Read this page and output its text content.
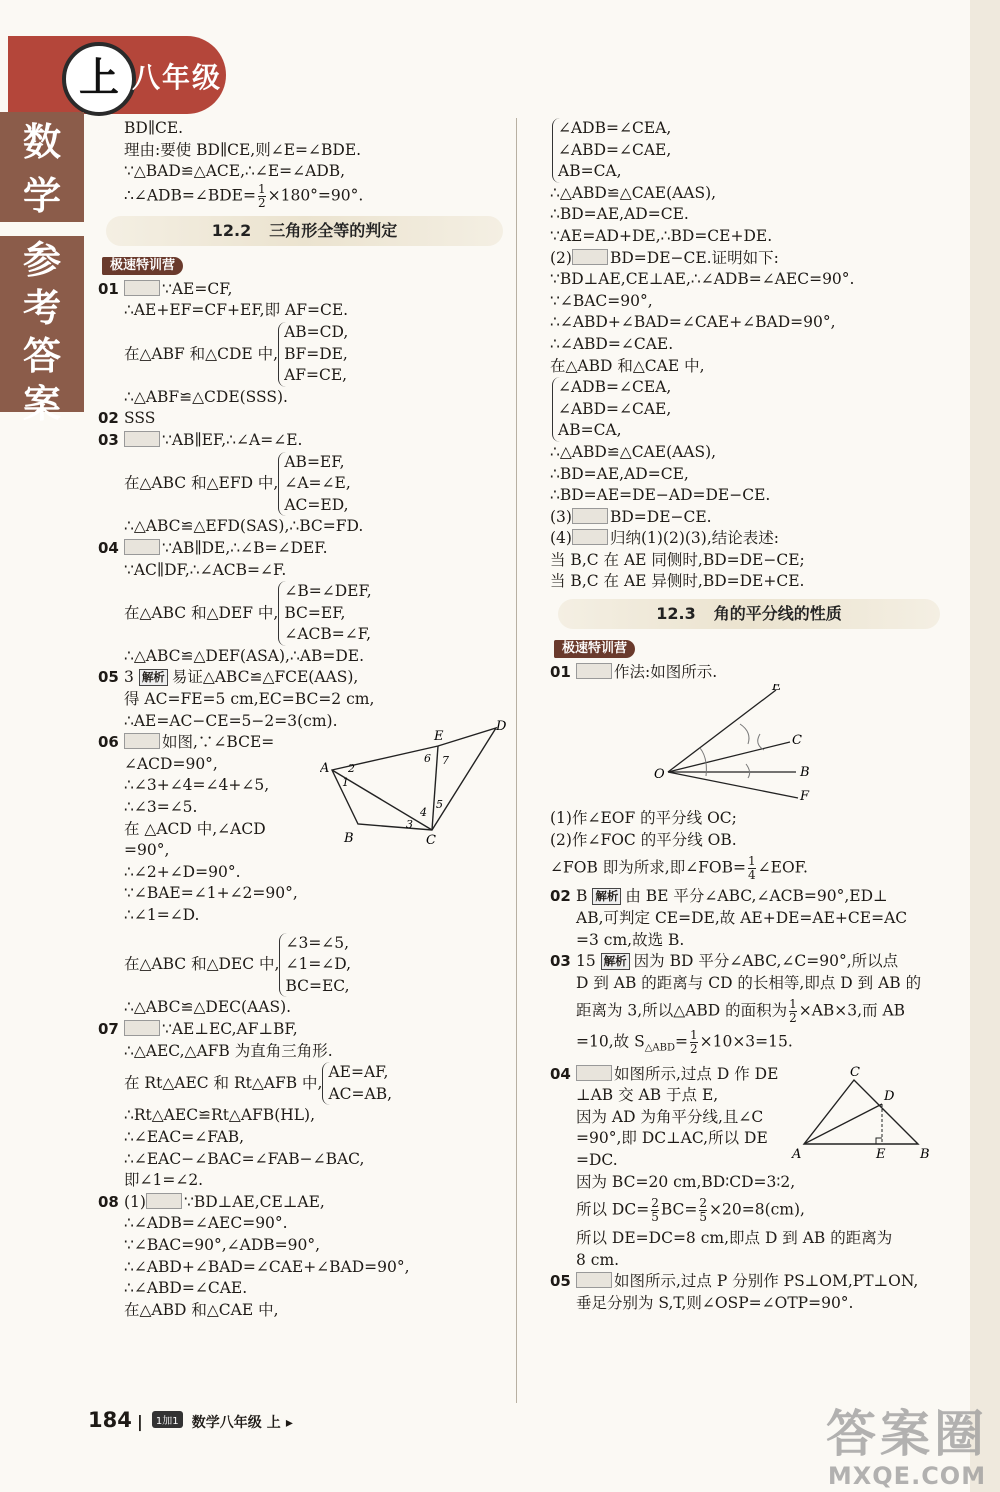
上 八年级
数
学
参
考
答
案
BD∥CE.
理由:要使 BD∥CE,则∠E=∠BDE.
∵△BAD≌△ACE,∴∠E=∠ADB,
∴∠ADB=∠BDE= $\frac{1}{2} \times 180^\circ=90^\circ$.
12.2 三角形全等的判定
极速特训营
01	∵AE=CF,
∴AE+EF=CF+EF,即 AF=CE.
在△ABF 和△CDE 中,
AB=CD,
BF=DE,
AF=CE,
∴△ABF≌△CDE(SSS).
02 SSS
03	∵AB∥EF,∴∠A=∠E.
在△ABC 和△EFD 中,
AB=EF,
∠A=∠E,
AC=ED,
∴△ABC≌△EFD(SAS),∴BC=FD.
04	∵AB∥DE,∴∠B=∠DEF.
∵AC∥DF,∴∠ACB=∠F.
在△ABC 和△DEF 中,
∠B=∠DEF,
BC=EF,
∠ACB=∠F,
∴△ABC≌△DEF(ASA),∴AB=DE.
05 3 解析 易证△ABC≌△FCE(AAS),
得 AC=FE=5 cm,EC=BC=2 cm,
∴AE=AC−CE=5−2=3(cm).
06	如图,∵∠BCE=
∠ACD=90°,
∴∠3+∠4=∠4+∠5,
∴∠3=∠5.
在 △ACD 中,∠ACD
=90°,
∴∠2+∠D=90°.
∵∠BAE=∠1+∠2=90°,
∴∠1=∠D.
在△ABC 和△DEC 中,
∠3=∠5,
∠1=∠D,
BC=EC,
∴△ABC≌△DEC(AAS).
E
D
A
6 7
2
1
4
5
3
B	C
07	∵AE⊥EC,AF⊥BF,
∴△AEC,△AFB 为直角三角形.
在 Rt△AEC 和 Rt△AFB 中,
AE=AF,
AC=AB,
∴Rt△AEC≌Rt△AFB(HL),
∴∠EAC=∠FAB,
∴∠EAC−∠BAC=∠FAB−∠BAC,
即∠1=∠2.
08 (1) ∵BD⊥AE,CE⊥AE,
∴∠ADB=∠AEC=90°.
∵∠BAC=90°,∠ADB=90°,
∴∠ABD+∠BAD=∠CAE+∠BAD=90°,
∴∠ABD=∠CAE.
在△ABD 和△CAE 中,
∠ADB=∠CEA,
∠ABD=∠CAE,
AB=CA,
∴△ABD≌△CAE(AAS),
∴BD=AE,AD=CE.
∵AE=AD+DE,∴BD=CE+DE.
(2) BD=DE−CE.证明如下:
∵BD⊥AE,CE⊥AE,∴∠ADB=∠AEC=90°.
∵∠BAC=90°,
∴∠ABD+∠BAD=∠CAE+∠BAD=90°,
∴∠ABD=∠CAE.
在△ABD 和△CAE 中,
∠ADB=∠CEA,
∠ABD=∠CAE,
AB=CA,
∴△ABD≌△CAE(AAS),
∴BD=AE,AD=CE,
∴BD=AE=DE−AD=DE−CE.
(3) BD=DE−CE.
(4) 归纳(1)(2)(3),结论表述:
当 B,C 在 AE 同侧时,BD=DE−CE;
当 B,C 在 AE 异侧时,BD=DE+CE.
12.3 角的平分线的性质
极速特训营
01	作法:如图所示.
E
C
O	B
F
(1)作∠EOF 的平分线 OC;
(2)作∠FOC 的平分线 OB.
∠FOB 即为所求,即∠FOB= $\frac{1}{4}$ ∠EOF.
02 B 解析 由 BE 平分∠ABC,∠ACB=90°,ED⊥
AB,可判定 CE=DE,故 AE+DE=AE+CE=AC
=3 cm,故选 B.
03 15 解析 因为 BD 平分∠ABC,∠C=90°,所以点
D 到 AB 的距离与 CD 的长相等,即点 D 到 AB 的
距离为 3,所以△ABD 的面积为 $\frac{1}{2} \times AB\times 3$,而 AB
=10,故 $S_{\triangle ABD}= \frac{1}{2} \times 10\times 3=15$.
04	如图所示,过点 D 作 DE
⊥AB 交 AB 于点 E,
因为 AD 为角平分线,且∠C
=90°,即 DC⊥AC,所以 DE
=DC.
因为 BC=20 cm,BD∶CD=3∶2,
所以 $DC= \frac{2}{5} BC= \frac{2}{5} \times 20=8(cm)$,
所以 DE=DC=8 cm,即点 D 到 AB 的距离为
8 cm.
C
D
A	E	B
05	如图所示,过点 P 分别作 PS⊥OM,PT⊥ON,
垂足分别为 S,T,则∠OSP=∠OTP=90°.
184 | 1加1 数学八年级 上 ▸	答案圈
MXQE.COM
